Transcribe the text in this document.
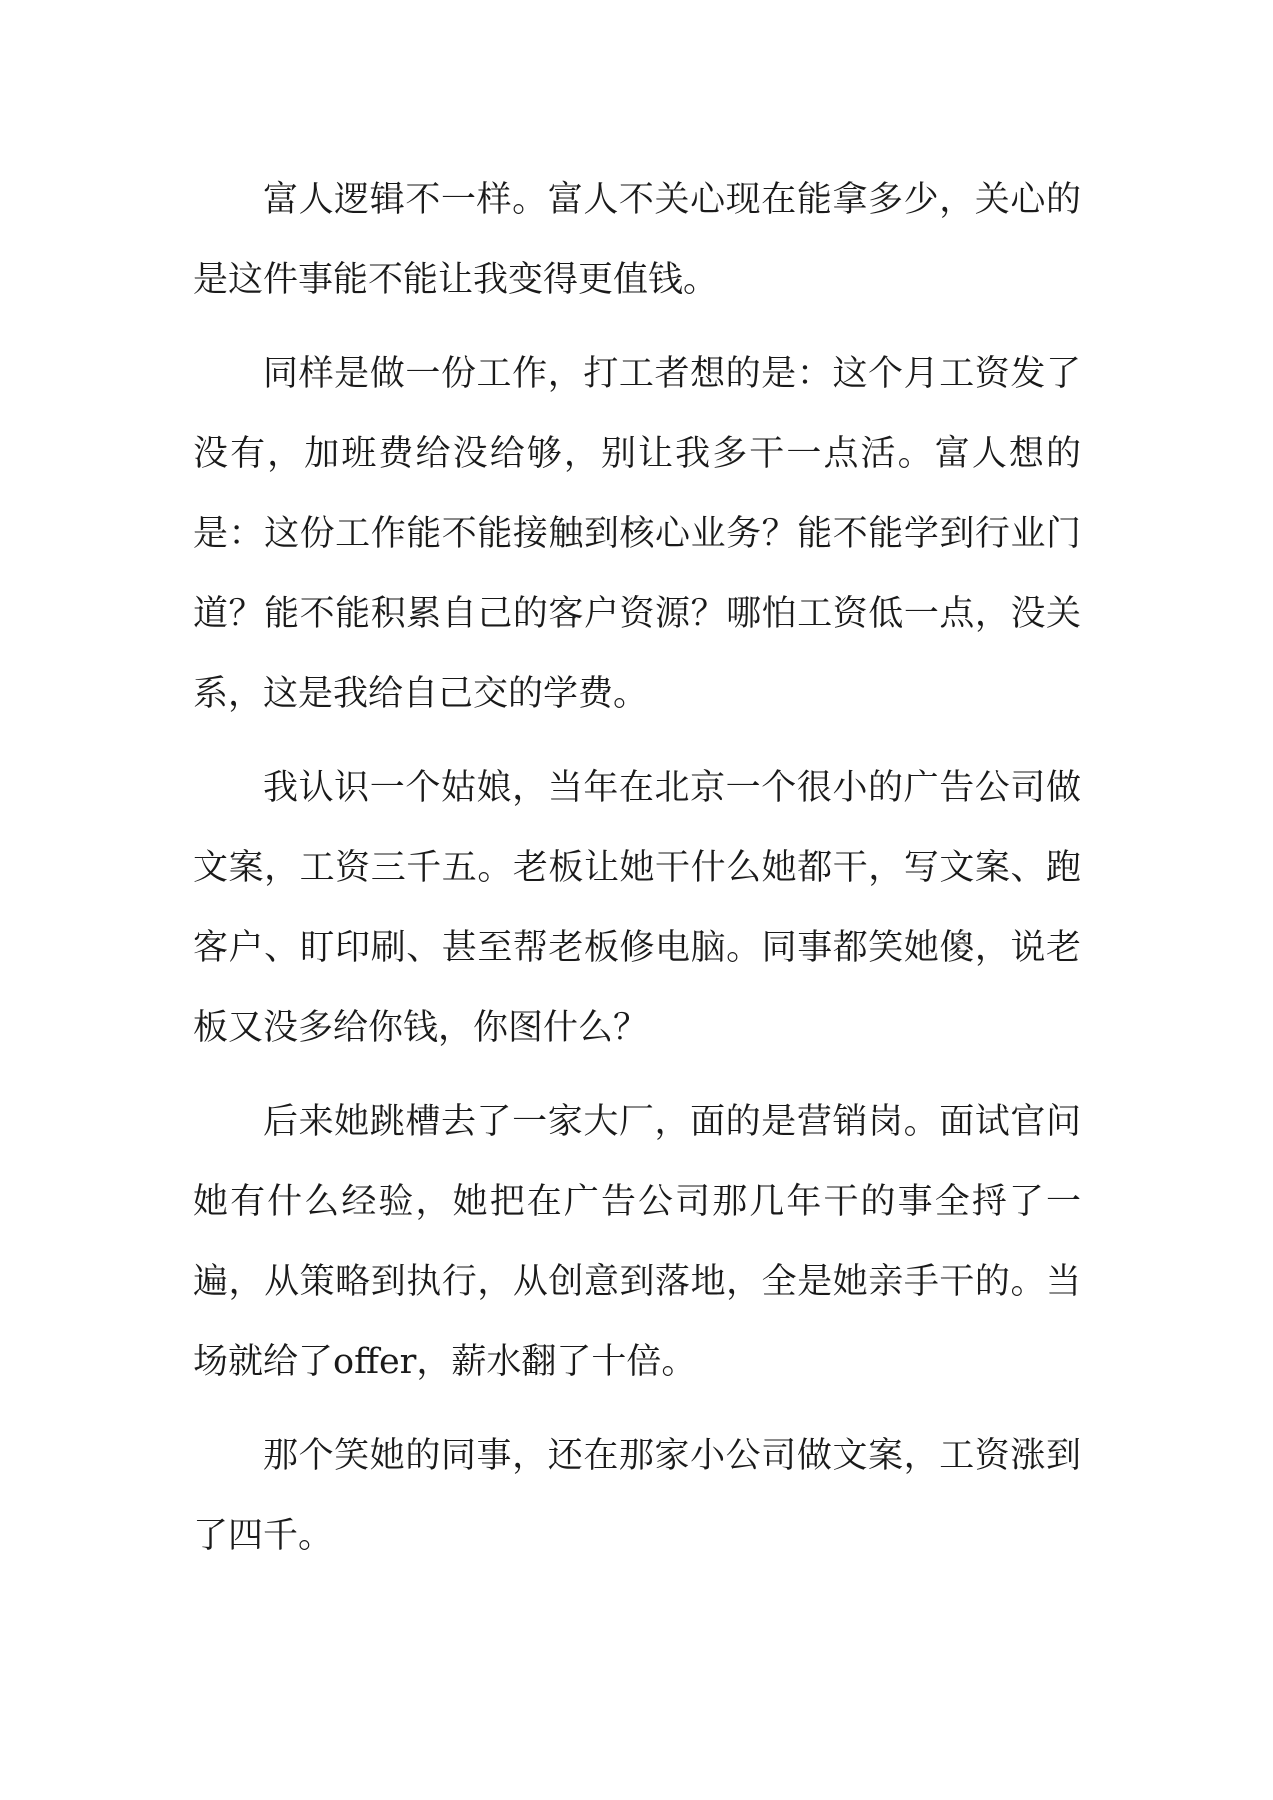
富人逻辑不一样。富人不关心现在能拿多少，关心的是这件事能不能让我变得更值钱。

同样是做一份工作，打工者想的是：这个月工资发了没有，加班费给没给够，别让我多干一点活。富人想的是：这份工作能不能接触到核心业务？能不能学到行业门道？能不能积累自己的客户资源？哪怕工资低一点，没关系，这是我给自己交的学费。

我认识一个姑娘，当年在北京一个很小的广告公司做文案，工资三千五。老板让她干什么她都干，写文案、跑客户、盯印刷、甚至帮老板修电脑。同事都笑她傻，说老板又没多给你钱，你图什么？

后来她跳槽去了一家大厂，面的是营销岗。面试官问她有什么经验，她把在广告公司那几年干的事全捋了一遍，从策略到执行，从创意到落地，全是她亲手干的。当场就给了offer，薪水翻了十倍。

那个笑她的同事，还在那家小公司做文案，工资涨到了四千。
